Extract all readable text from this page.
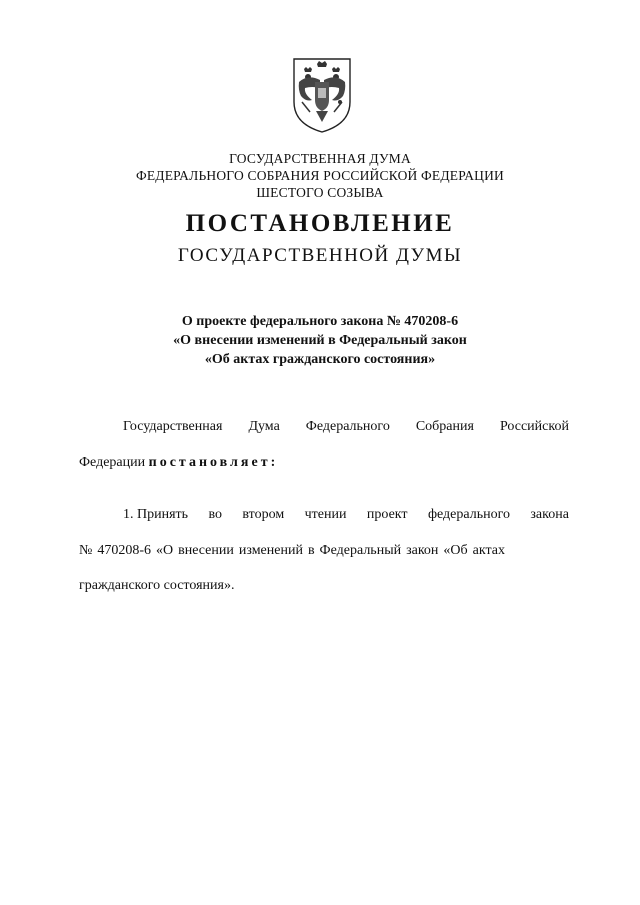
ГОСУДАРСТВЕННАЯ ДУМА
ФЕДЕРАЛЬНОГО СОБРАНИЯ РОССИЙСКОЙ ФЕДЕРАЦИИ
ШЕСТОГО СОЗЫВА
ПОСТАНОВЛЕНИЕ
ГОСУДАРСТВЕННОЙ ДУМЫ
О проекте федерального закона № 470208-6
«О внесении изменений в Федеральный закон
«Об актах гражданского состояния»
Государственная Дума Федерального Собрания Российской
Федерации постановляет:
1. Принять во втором чтении проект федерального закона
№ 470208-6 «О внесении изменений в Федеральный закон «Об актах
гражданского состояния».
